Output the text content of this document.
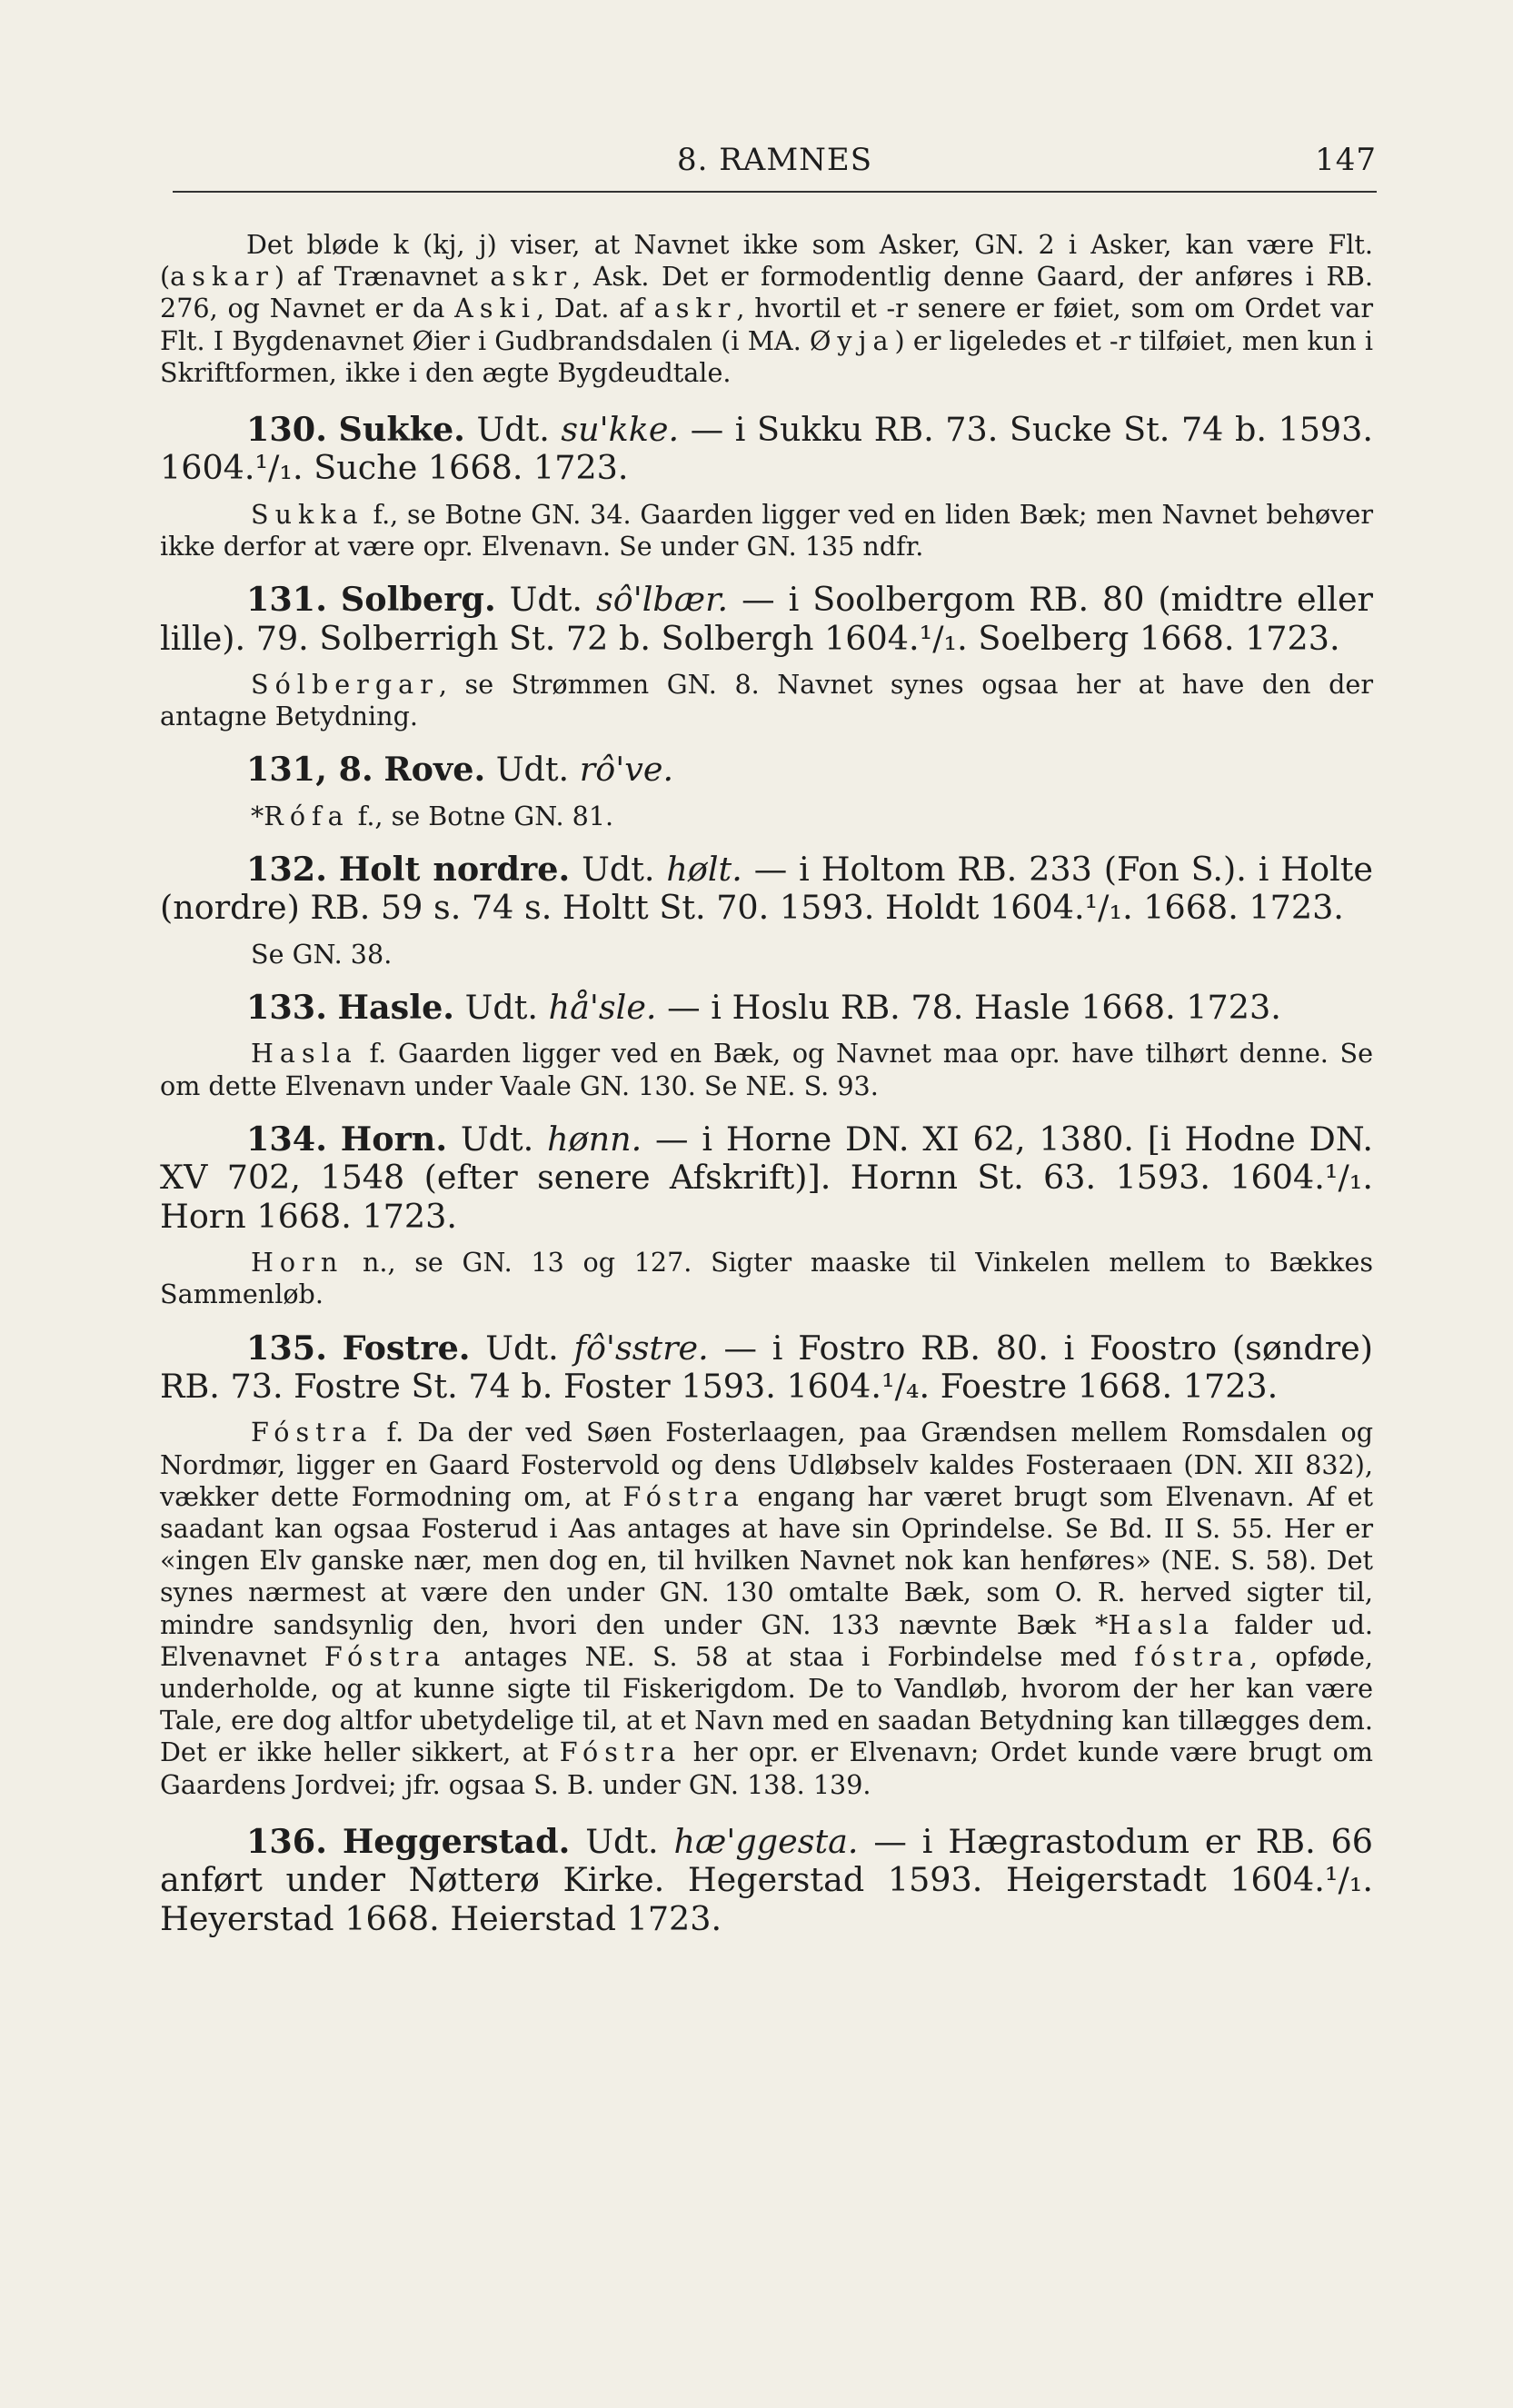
8. RAMNES	147

Det bløde k (kj, j) viser, at Navnet ikke som Asker, GN. 2 i Asker, kan være Flt. (askar) af Trænavnet askr, Ask. Det er formodentlig denne Gaard, der anføres i RB. 276, og Navnet er da Aski, Dat. af askr, hvortil et -r senere er føiet, som om Ordet var Flt. I Bygdenavnet Øier i Gudbrandsdalen (i MA. Øyja) er ligeledes et -r tilføiet, men kun i Skriftformen, ikke i den ægte Bygdeudtale.

130. Sukke. Udt. su'kke. — i Sukku RB. 73. Sucke St. 74 b. 1593. 1604.¹/₁. Suche 1668. 1723.

Sukka f., se Botne GN. 34. Gaarden ligger ved en liden Bæk; men Navnet behøver ikke derfor at være opr. Elvenavn. Se under GN. 135 ndfr.

131. Solberg. Udt. sô'lbær. — i Soolbergom RB. 80 (midtre eller lille). 79. Solberrigh St. 72 b. Solbergh 1604.¹/₁. Soelberg 1668. 1723.

Sólbergar, se Strømmen GN. 8. Navnet synes ogsaa her at have den der antagne Betydning.

131, 8. Rove. Udt. rô've.

*Rófa f., se Botne GN. 81.

132. Holt nordre. Udt. hølt. — i Holtom RB. 233 (Fon S.). i Holte (nordre) RB. 59 s. 74 s. Holtt St. 70. 1593. Holdt 1604.¹/₁. 1668. 1723.

Se GN. 38.

133. Hasle. Udt. hå'sle. — i Hoslu RB. 78. Hasle 1668. 1723.

Hasla f. Gaarden ligger ved en Bæk, og Navnet maa opr. have tilhørt denne. Se om dette Elvenavn under Vaale GN. 130. Se NE. S. 93.

134. Horn. Udt. hønn. — i Horne DN. XI 62, 1380. [i Hodne DN. XV 702, 1548 (efter senere Afskrift)]. Hornn St. 63. 1593. 1604.¹/₁. Horn 1668. 1723.

Horn n., se GN. 13 og 127. Sigter maaske til Vinkelen mellem to Bækkes Sammenløb.

135. Fostre. Udt. fô'sstre. — i Fostro RB. 80. i Foostro (søndre) RB. 73. Fostre St. 74 b. Foster 1593. 1604.¹/₄. Foestre 1668. 1723.

Fóstra f. Da der ved Søen Fosterlaagen, paa Grændsen mellem Romsdalen og Nordmør, ligger en Gaard Fostervold og dens Udløbselv kaldes Fosteraaen (DN. XII 832), vækker dette Formodning om, at Fóstra engang har været brugt som Elvenavn. Af et saadant kan ogsaa Fosterud i Aas antages at have sin Oprindelse. Se Bd. II S. 55. Her er «ingen Elv ganske nær, men dog en, til hvilken Navnet nok kan henføres» (NE. S. 58). Det synes nærmest at være den under GN. 130 omtalte Bæk, som O. R. herved sigter til, mindre sandsynlig den, hvori den under GN. 133 nævnte Bæk *Hasla falder ud. Elvenavnet Fóstra antages NE. S. 58 at staa i Forbindelse med fóstra, opføde, underholde, og at kunne sigte til Fiskerigdom. De to Vandløb, hvorom der her kan være Tale, ere dog altfor ubetydelige til, at et Navn med en saadan Betydning kan tillægges dem. Det er ikke heller sikkert, at Fóstra her opr. er Elvenavn; Ordet kunde være brugt om Gaardens Jordvei; jfr. ogsaa S. B. under GN. 138. 139.

136. Heggerstad. Udt. hæ'ggesta. — i Hægrastodum er RB. 66 anført under Nøtterø Kirke. Hegerstad 1593. Heigerstadt 1604.¹/₁. Heyerstad 1668. Heierstad 1723.
